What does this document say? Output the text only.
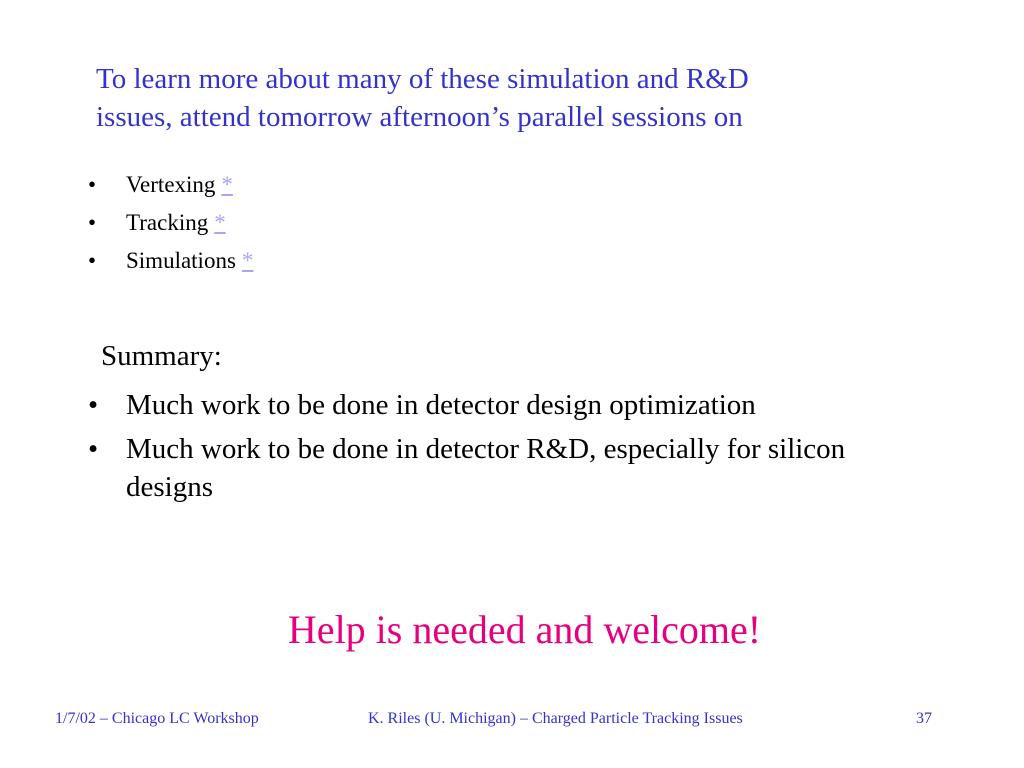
To learn more about many of these simulation and R&D
issues, attend tomorrow afternoon’s parallel sessions on

•	Vertexing *
•	Tracking *
•	Simulations *
Summary:
• Much work to be done in detector design optimization
• Much work to be done in detector R&D, especially for silicon designs

Help is needed and welcome!

1/7/02 – Chicago LC Workshop	K. Riles (U. Michigan) – Charged Particle Tracking Issues	37
